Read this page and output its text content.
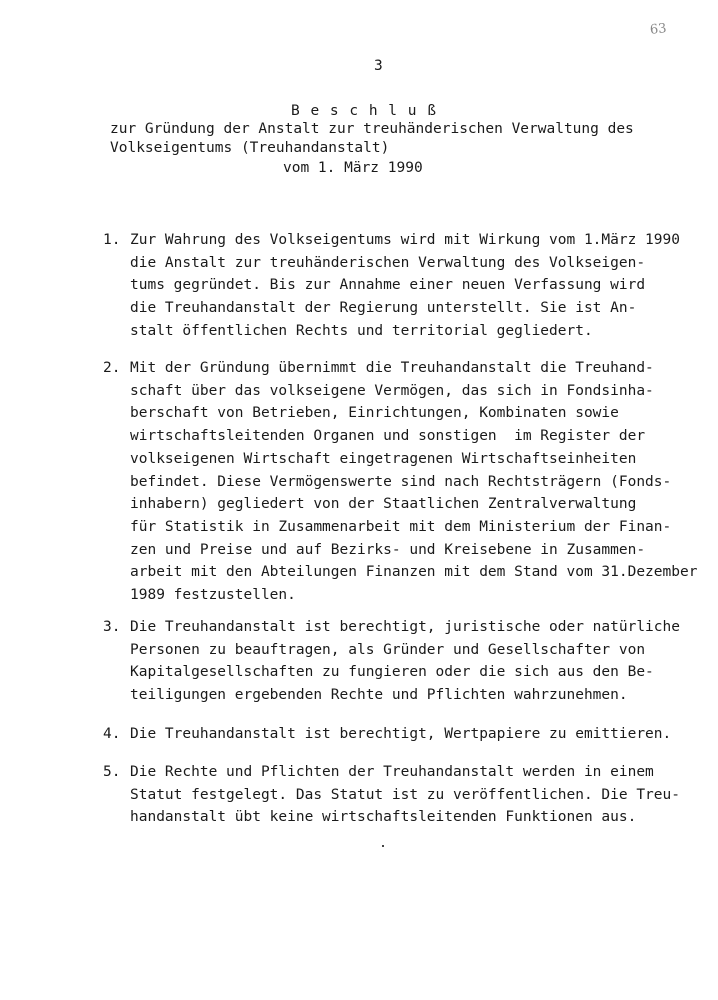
63
3
B e s c h l u ß
zur Gründung der Anstalt zur treuhänderischen Verwaltung des
Volkseigentums (Treuhandanstalt)
vom 1. März 1990
1. Zur Wahrung des Volkseigentums wird mit Wirkung vom 1.März 1990
die Anstalt zur treuhänderischen Verwaltung des Volkseigen-
tums gegründet. Bis zur Annahme einer neuen Verfassung wird
die Treuhandanstalt der Regierung unterstellt. Sie ist An-
stalt öffentlichen Rechts und territorial gegliedert.
2. Mit der Gründung übernimmt die Treuhandanstalt die Treuhand-
schaft über das volkseigene Vermögen, das sich in Fondsinha-
berschaft von Betrieben, Einrichtungen, Kombinaten sowie
wirtschaftsleitenden Organen und sonstigen  im Register der
volkseigenen Wirtschaft eingetragenen Wirtschaftseinheiten
befindet. Diese Vermögenswerte sind nach Rechtsträgern (Fonds-
inhabern) gegliedert von der Staatlichen Zentralverwaltung
für Statistik in Zusammenarbeit mit dem Ministerium der Finan-
zen und Preise und auf Bezirks- und Kreisebene in Zusammen-
arbeit mit den Abteilungen Finanzen mit dem Stand vom 31.Dezember
1989 festzustellen.
3. Die Treuhandanstalt ist berechtigt, juristische oder natürliche
Personen zu beauftragen, als Gründer und Gesellschafter von
Kapitalgesellschaften zu fungieren oder die sich aus den Be-
teiligungen ergebenden Rechte und Pflichten wahrzunehmen.
4. Die Treuhandanstalt ist berechtigt, Wertpapiere zu emittieren.
5. Die Rechte und Pflichten der Treuhandanstalt werden in einem
Statut festgelegt. Das Statut ist zu veröffentlichen. Die Treu-
handanstalt übt keine wirtschaftsleitenden Funktionen aus.
